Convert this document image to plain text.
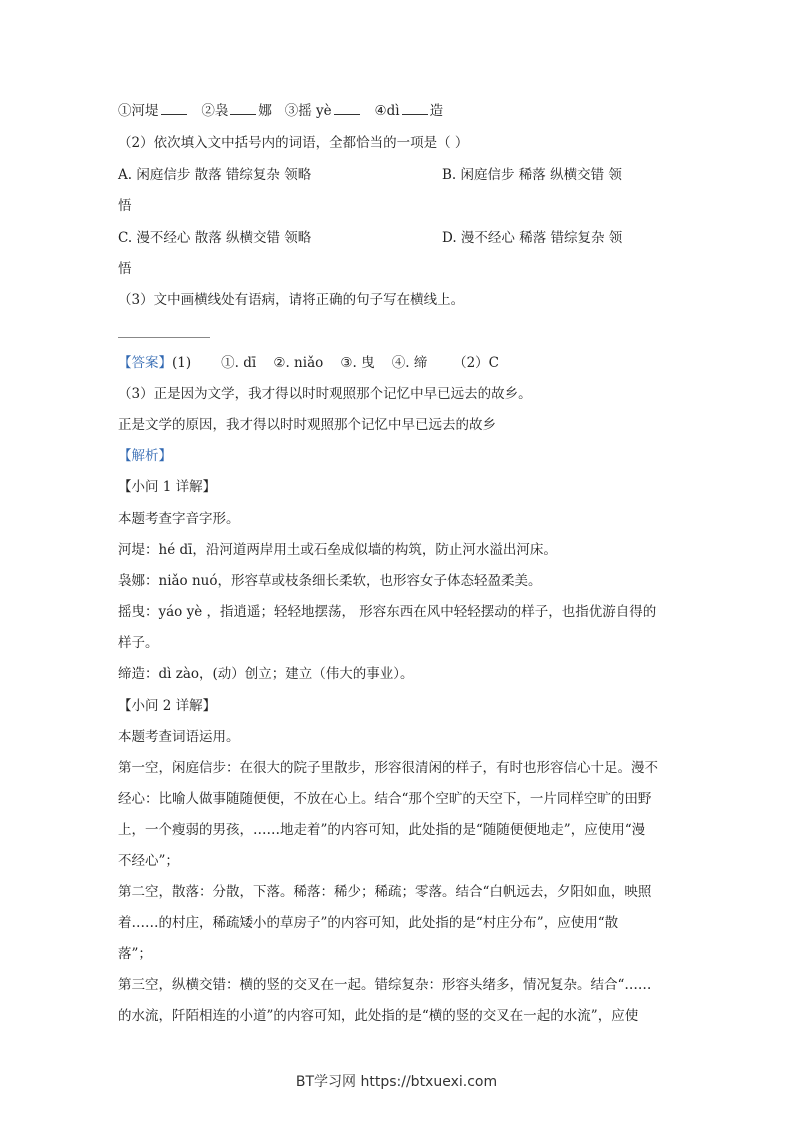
①河堤	②袅 娜 ③摇 yè	④dì 造
（2）依次填入文中括号内的词语，全都恰当的一项是（ ）
A. 闲庭信步 散落 错综复杂 领略	B. 闲庭信步 稀落 纵横交错 领
悟
C. 漫不经心 散落 纵横交错 领略	D. 漫不经心 稀落 错综复杂 领
悟
（3）文中画横线处有语病，请将正确的句子写在横线上。
【答案】(1)       ①. dī    ②. niǎo    ③. 曳    ④. 缔      （2）C
（3）正是因为文学，我才得以时时观照那个记忆中早已远去的故乡。
正是文学的原因，我才得以时时观照那个记忆中早已远去的故乡
【解析】
【小问 1 详解】
本题考查字音字形。
河堤：hé dī，沿河道两岸用土或石垒成似墙的构筑，防止河水溢出河床。
袅娜：niǎo nuó，形容草或枝条细长柔软，也形容女子体态轻盈柔美。
摇曳：yáo yè ，指逍遥；轻轻地摆荡， 形容东西在风中轻轻摆动的样子，也指优游自得的
样子。
缔造：dì zào，(动）创立；建立（伟大的事业）。
【小问 2 详解】
本题考查词语运用。
第一空，闲庭信步：在很大的院子里散步，形容很清闲的样子，有时也形容信心十足。漫不
经心：比喻人做事随随便便，不放在心上。结合“那个空旷的天空下，一片同样空旷的田野
上，一个瘦弱的男孩，……地走着”的内容可知，此处指的是“随随便便地走”，应使用“漫
不经心”；
第二空，散落：分散，下落。稀落：稀少；稀疏；零落。结合“白帆远去，夕阳如血，映照
着……的村庄，稀疏矮小的草房子”的内容可知，此处指的是“村庄分布”，应使用“散
落”；
第三空，纵横交错：横的竖的交叉在一起。错综复杂：形容头绪多，情况复杂。结合“……
的水流，阡陌相连的小道”的内容可知，此处指的是“横的竖的交叉在一起的水流”，应使
BT学习网 https://btxuexi.com
